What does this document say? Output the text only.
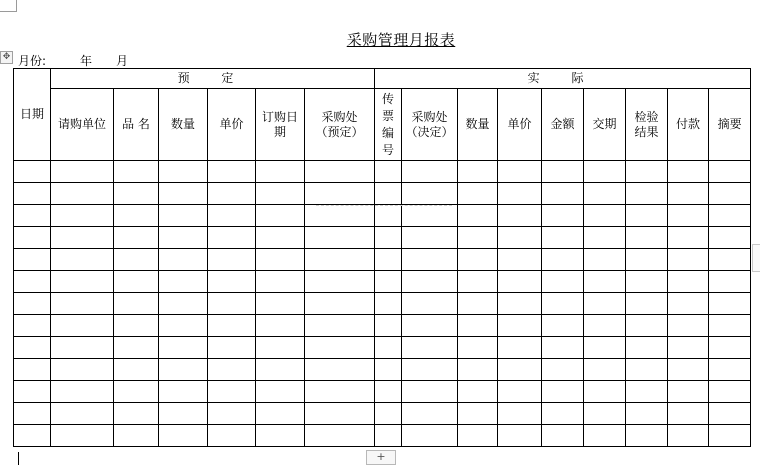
采购管理月报表
✥ 月份:	年 月
日期	预 定						实 际								
	请购单位	品 名	数量	单价	订购日期	采购处（预定）	传票编号	采购处（决定）	数量	单价	金额	交期	检验结果	付款	摘要

+
